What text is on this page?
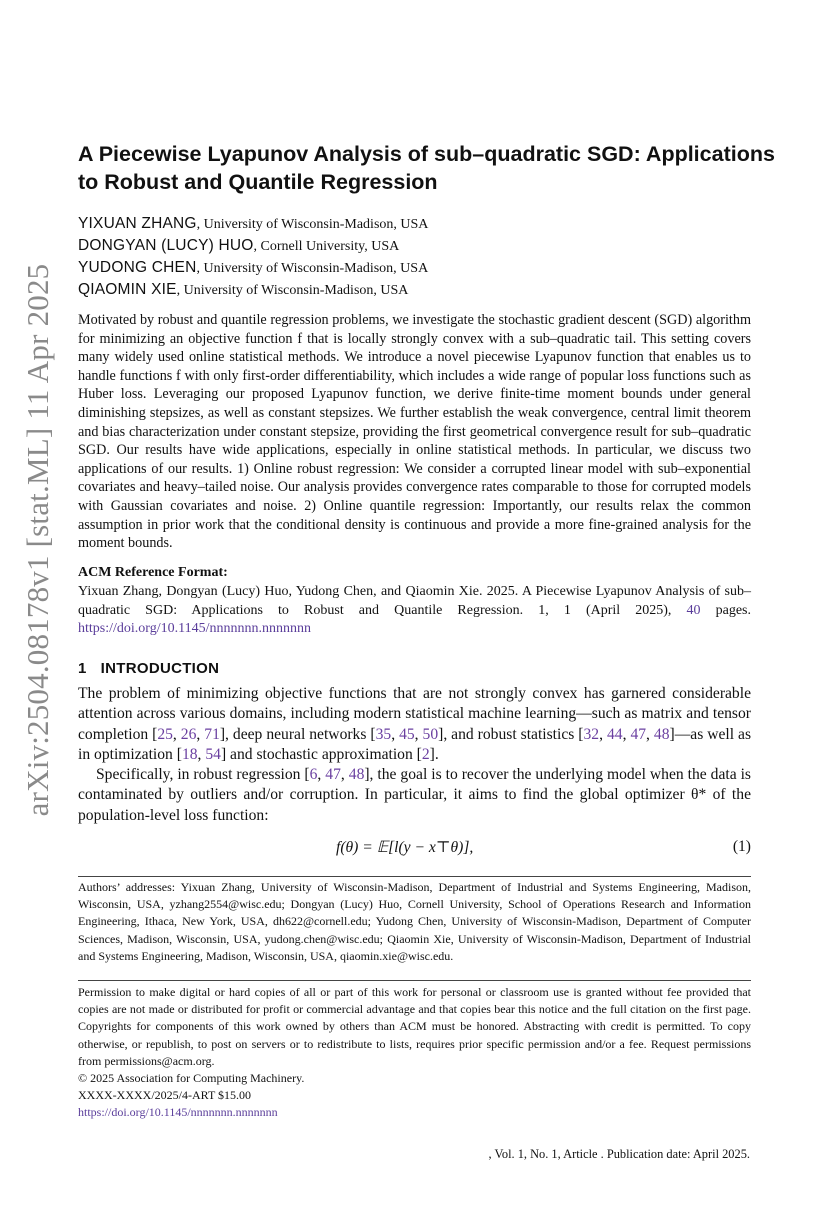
arXiv:2504.08178v1 [stat.ML] 11 Apr 2025
A Piecewise Lyapunov Analysis of sub–quadratic SGD: Applications to Robust and Quantile Regression
YIXUAN ZHANG, University of Wisconsin-Madison, USA
DONGYAN (LUCY) HUO, Cornell University, USA
YUDONG CHEN, University of Wisconsin-Madison, USA
QIAOMIN XIE, University of Wisconsin-Madison, USA
Motivated by robust and quantile regression problems, we investigate the stochastic gradient descent (SGD) algorithm for minimizing an objective function f that is locally strongly convex with a sub–quadratic tail. This setting covers many widely used online statistical methods. We introduce a novel piecewise Lyapunov function that enables us to handle functions f with only first-order differentiability, which includes a wide range of popular loss functions such as Huber loss. Leveraging our proposed Lyapunov function, we derive finite-time moment bounds under general diminishing stepsizes, as well as constant stepsizes. We further establish the weak convergence, central limit theorem and bias characterization under constant stepsize, providing the first geometrical convergence result for sub–quadratic SGD. Our results have wide applications, especially in online statistical methods. In particular, we discuss two applications of our results. 1) Online robust regression: We consider a corrupted linear model with sub–exponential covariates and heavy–tailed noise. Our analysis provides convergence rates comparable to those for corrupted models with Gaussian covariates and noise. 2) Online quantile regression: Importantly, our results relax the common assumption in prior work that the conditional density is continuous and provide a more fine-grained analysis for the moment bounds.
ACM Reference Format:
Yixuan Zhang, Dongyan (Lucy) Huo, Yudong Chen, and Qiaomin Xie. 2025. A Piecewise Lyapunov Analysis of sub–quadratic SGD: Applications to Robust and Quantile Regression. 1, 1 (April 2025), 40 pages. https://doi.org/10.1145/nnnnnnn.nnnnnnn
1 INTRODUCTION

The problem of minimizing objective functions that are not strongly convex has garnered considerable attention across various domains, including modern statistical machine learning—such as matrix and tensor completion [25, 26, 71], deep neural networks [35, 45, 50], and robust statistics [32, 44, 47, 48]—as well as in optimization [18, 54] and stochastic approximation [2].

Specifically, in robust regression [6, 47, 48], the goal is to recover the underlying model when the data is contaminated by outliers and/or corruption. In particular, it aims to find the global optimizer θ* of the population-level loss function:

f(θ) = 𝔼[l(y − x⊤θ)],	(1)
Authors’ addresses: Yixuan Zhang, University of Wisconsin-Madison, Department of Industrial and Systems Engineering, Madison, Wisconsin, USA, yzhang2554@wisc.edu; Dongyan (Lucy) Huo, Cornell University, School of Operations Research and Information Engineering, Ithaca, New York, USA, dh622@cornell.edu; Yudong Chen, University of Wisconsin-Madison, Department of Computer Sciences, Madison, Wisconsin, USA, yudong.chen@wisc.edu; Qiaomin Xie, University of Wisconsin-Madison, Department of Industrial and Systems Engineering, Madison, Wisconsin, USA, qiaomin.xie@wisc.edu.

Permission to make digital or hard copies of all or part of this work for personal or classroom use is granted without fee provided that copies are not made or distributed for profit or commercial advantage and that copies bear this notice and the full citation on the first page. Copyrights for components of this work owned by others than ACM must be honored. Abstracting with credit is permitted. To copy otherwise, or republish, to post on servers or to redistribute to lists, requires prior specific permission and/or a fee. Request permissions from permissions@acm.org.

© 2025 Association for Computing Machinery.
XXXX-XXXX/2025/4-ART $15.00
https://doi.org/10.1145/nnnnnnn.nnnnnnn
, Vol. 1, No. 1, Article . Publication date: April 2025.
